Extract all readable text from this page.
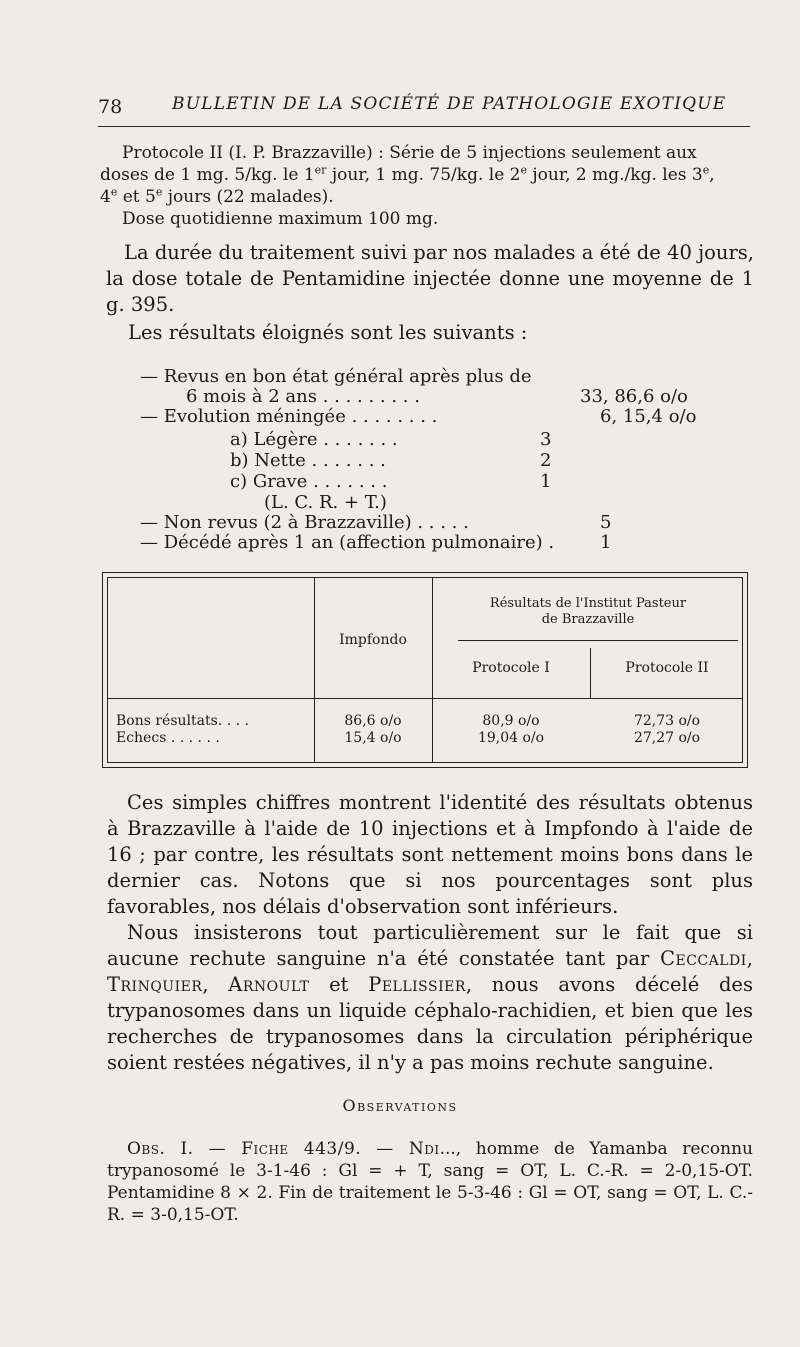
78	BULLETIN DE LA SOCIÉTÉ DE PATHOLOGIE EXOTIQUE
Protocole II (I. P. Brazzaville) : Série de 5 injections seulement aux
doses de 1 mg. 5/kg. le 1er jour, 1 mg. 75/kg. le 2e jour, 2 mg./kg. les 3e,
4e et 5e jours (22 malades).
Dose quotidienne maximum 100 mg.
La durée du traitement suivi par nos malades a été de 40 jours, la dose totale de Pentamidine injectée donne une moyenne de 1 g. 395.
Les résultats éloignés sont les suivants :
— Revus en bon état général après plus de
6 mois à 2 ans . . . . . . . . .	33, 86,6 o/o
— Evolution méningée . . . . . . . .	6, 15,4 o/o
a) Légère . . . . . . .	3
b) Nette . . . . . . .	2
c) Grave . . . . . . .	1
(L. C. R. + T.)
— Non revus (2 à Brazzaville) . . . . .	5
— Décédé après 1 an (affection pulmonaire) .	1
Impfondo
Résultats de l'Institut Pasteur
de Brazzaville
Protocole I	Protocole II
Bons résultats. . . .	86,6 o/o	80,9 o/o	72,73 o/o
Echecs . . . . . .	15,4 o/o	19,04 o/o	27,27 o/o

Ces simples chiffres montrent l'identité des résultats obtenus à Brazzaville à l'aide de 10 injections et à Impfondo à l'aide de 16 ; par contre, les résultats sont nettement moins bons dans le dernier cas. Notons que si nos pourcentages sont plus favorables, nos délais d'observation sont inférieurs.

Nous insisterons tout particulièrement sur le fait que si aucune rechute sanguine n'a été constatée tant par Ceccaldi, Trinquier, Arnoult et Pellissier, nous avons décelé des trypanosomes dans un liquide céphalo-rachidien, et bien que les recherches de trypanosomes dans la circulation périphérique soient restées négatives, il n'y a pas moins rechute sanguine.

Observations
Obs. I. — Fiche 443/9. — Ndi..., homme de Yamanba reconnu trypanosomé le 3-1-46 : Gl = + T, sang = OT, L. C.-R. = 2-0,15-OT. Pentamidine 8 × 2. Fin de traitement le 5-3-46 : Gl = OT, sang = OT, L. C.-R. = 3-0,15-OT.
